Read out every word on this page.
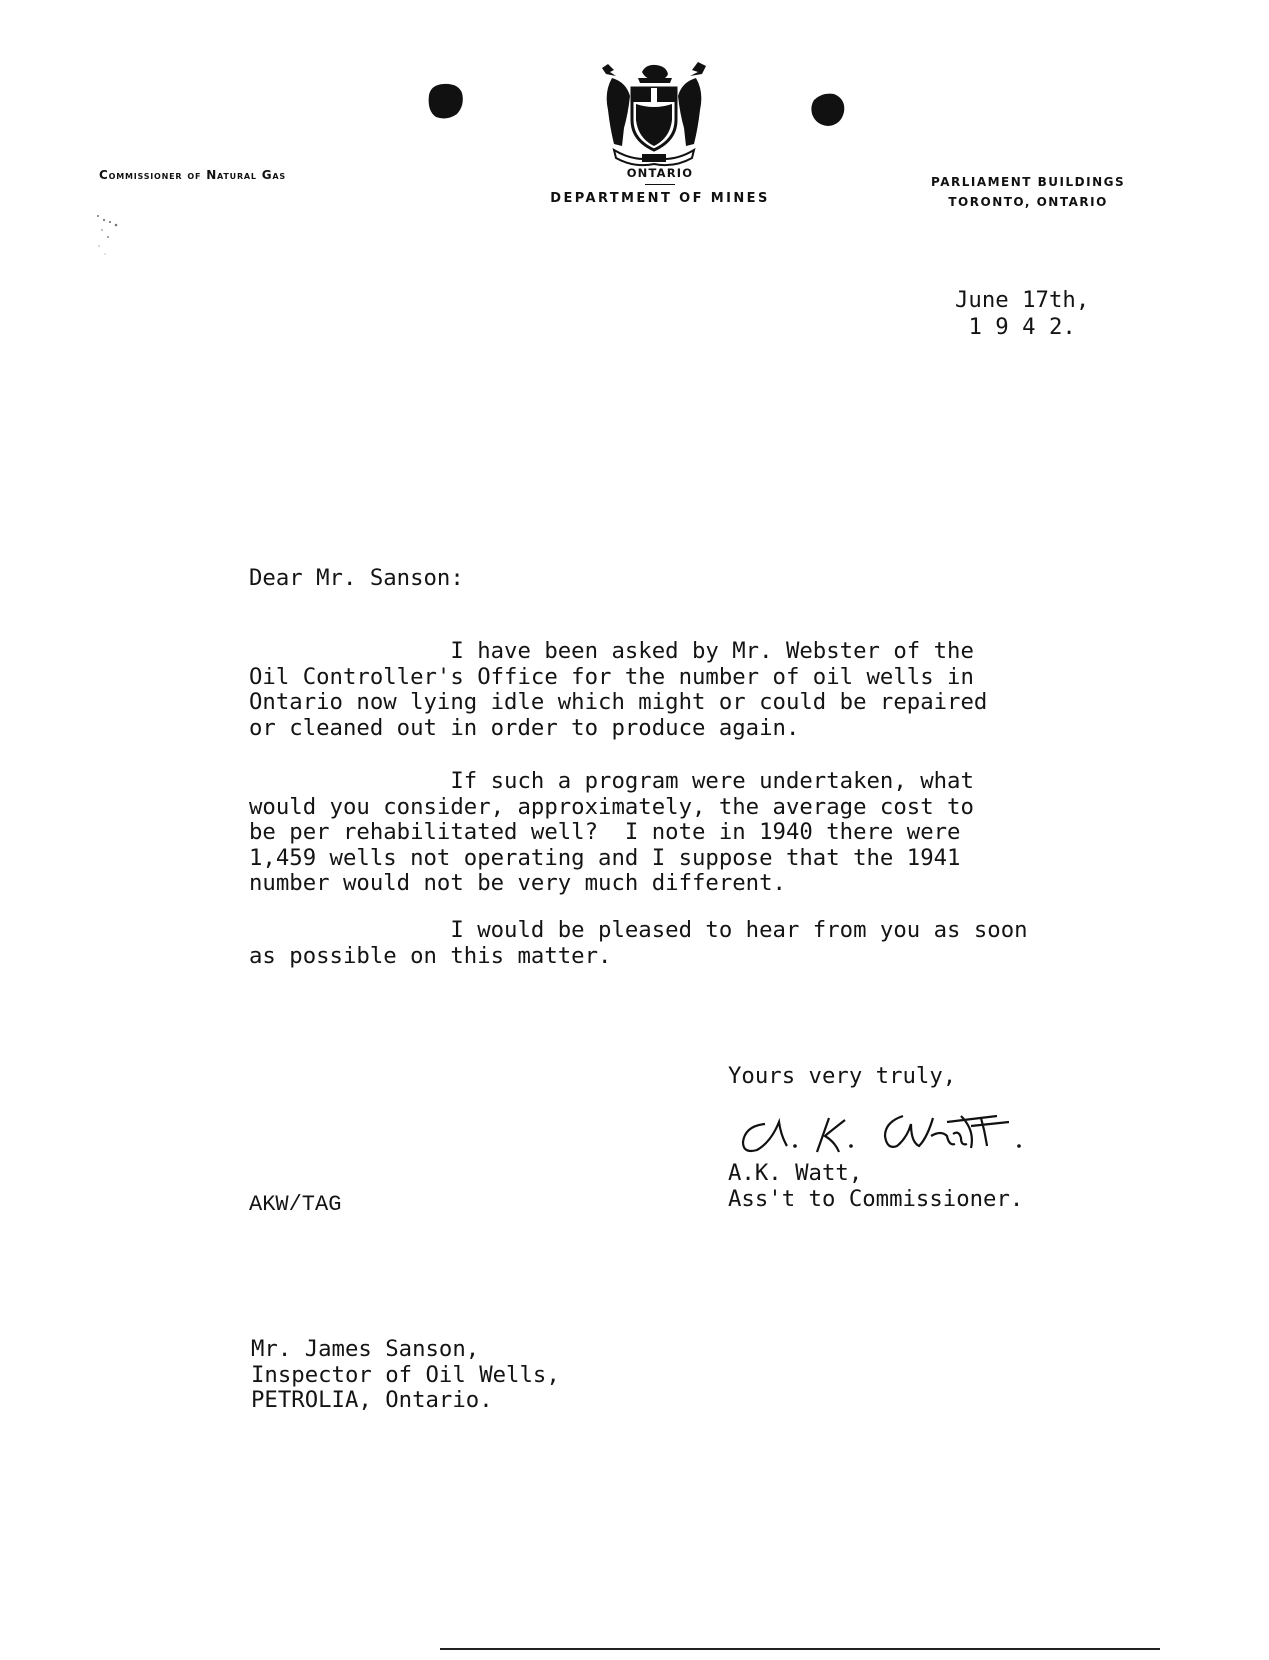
Commissioner of Natural Gas	ONTARIO
DEPARTMENT OF MINES
PARLIAMENT BUILDINGS
TORONTO, ONTARIO
June 17th,
1 9 4 2.
Dear Mr. Sanson:
I have been asked by Mr. Webster of the
Oil Controller's Office for the number of oil wells in
Ontario now lying idle which might or could be repaired
or cleaned out in order to produce again.
If such a program were undertaken, what
would you consider, approximately, the average cost to
be per rehabilitated well?  I note in 1940 there were
1,459 wells not operating and I suppose that the 1941
number would not be very much different.
I would be pleased to hear from you as soon
as possible on this matter.
Yours very truly,
A. K. Watt.
A.K. Watt,
Ass't to Commissioner.
AKW/TAG
Mr. James Sanson,
Inspector of Oil Wells,
PETROLIA, Ontario.
